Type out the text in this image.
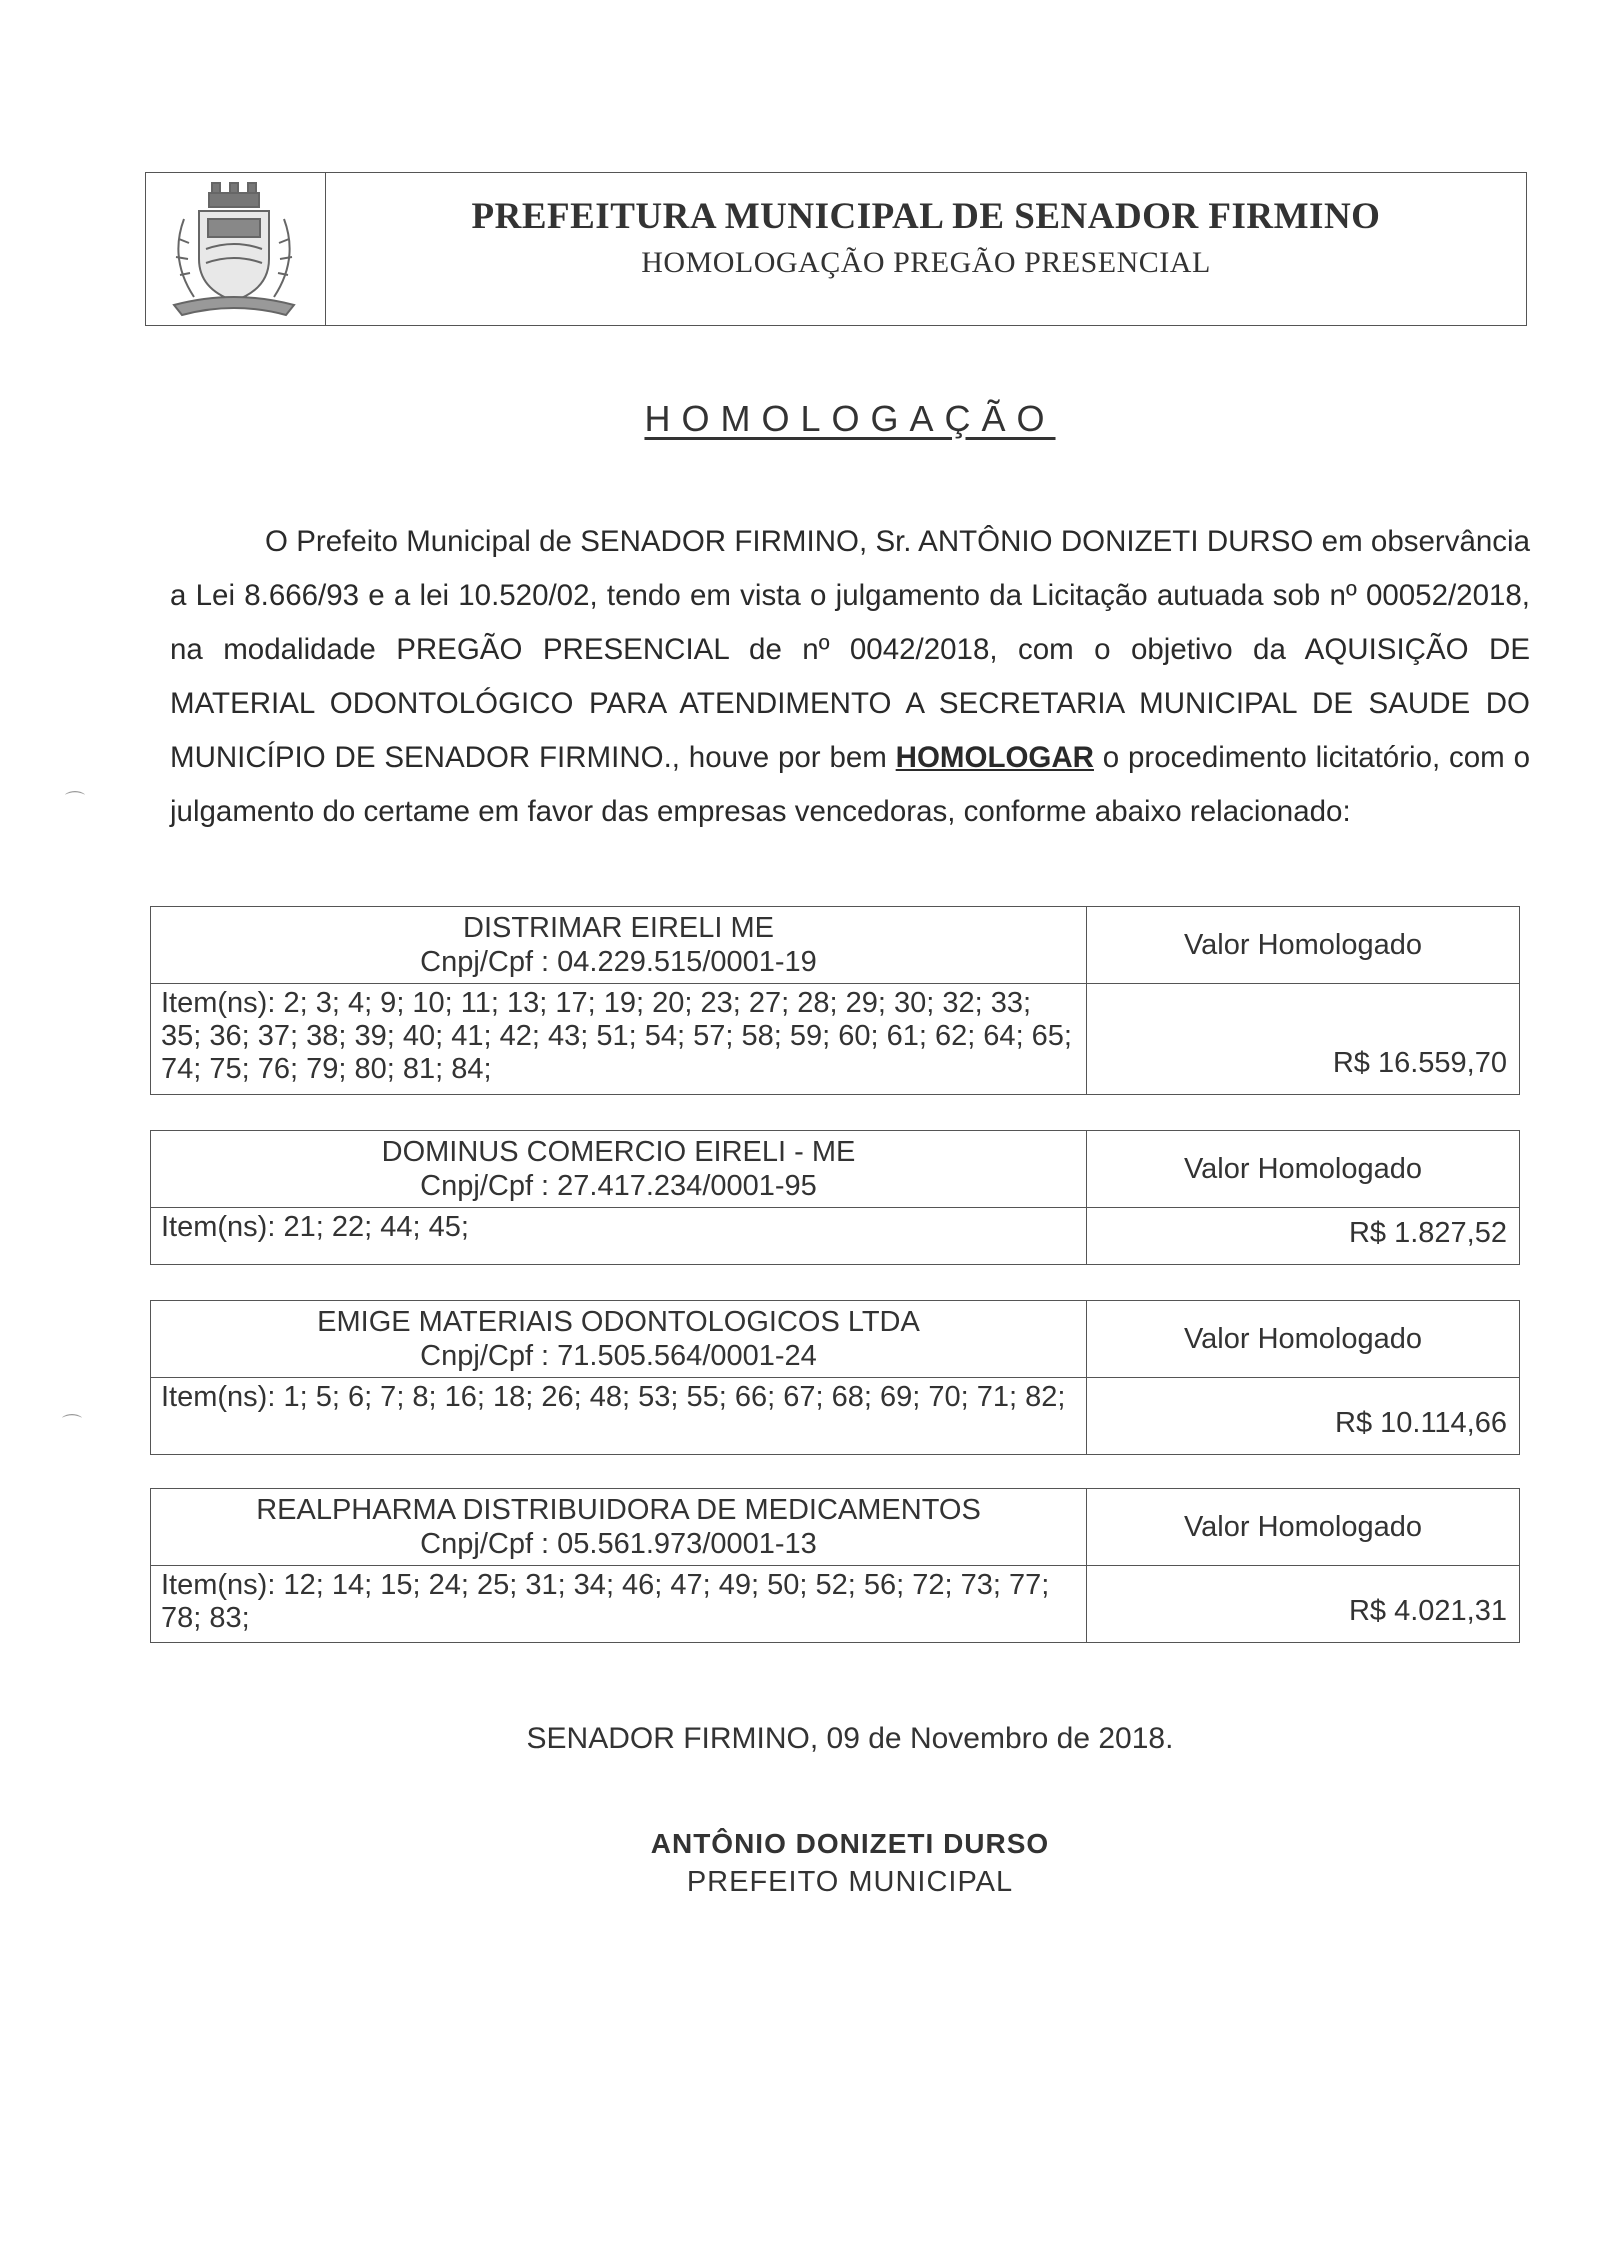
PREFEITURA MUNICIPAL DE SENADOR FIRMINO
HOMOLOGAÇÃO PREGÃO PRESENCIAL
HOMOLOGAÇÃO
O Prefeito Municipal de SENADOR FIRMINO, Sr. ANTÔNIO DONIZETI DURSO em observância a Lei 8.666/93 e a lei 10.520/02, tendo em vista o julgamento da Licitação autuada sob nº 00052/2018, na modalidade PREGÃO PRESENCIAL de nº 0042/2018, com o objetivo da AQUISIÇÃO DE MATERIAL ODONTOLÓGICO PARA ATENDIMENTO A SECRETARIA MUNICIPAL DE SAUDE DO MUNICÍPIO DE SENADOR FIRMINO., houve por bem HOMOLOGAR o procedimento licitatório, com o julgamento do certame em favor das empresas vencedoras, conforme abaixo relacionado:
DISTRIMAR EIRELI ME
Cnpj/Cpf : 04.229.515/0001-19	Valor Homologado
Item(ns): 2; 3; 4; 9; 10; 11; 13; 17; 19; 20; 23; 27; 28; 29; 30; 32; 33; 35; 36; 37; 38; 39; 40; 41; 42; 43; 51; 54; 57; 58; 59; 60; 61; 62; 64; 65; 74; 75; 76; 79; 80; 81; 84;	R$ 16.559,70
DOMINUS COMERCIO EIRELI - ME
Cnpj/Cpf : 27.417.234/0001-95	Valor Homologado
Item(ns): 21; 22; 44; 45;	R$ 1.827,52
EMIGE MATERIAIS ODONTOLOGICOS LTDA
Cnpj/Cpf : 71.505.564/0001-24	Valor Homologado
Item(ns): 1; 5; 6; 7; 8; 16; 18; 26; 48; 53; 55; 66; 67; 68; 69; 70; 71; 82;	R$ 10.114,66
REALPHARMA DISTRIBUIDORA DE MEDICAMENTOS
Cnpj/Cpf : 05.561.973/0001-13	Valor Homologado
Item(ns): 12; 14; 15; 24; 25; 31; 34; 46; 47; 49; 50; 52; 56; 72; 73; 77; 78; 83;	R$ 4.021,31
SENADOR FIRMINO, 09 de Novembro de 2018.
ANTÔNIO DONIZETI DURSO
PREFEITO MUNICIPAL
⌒
⌒
